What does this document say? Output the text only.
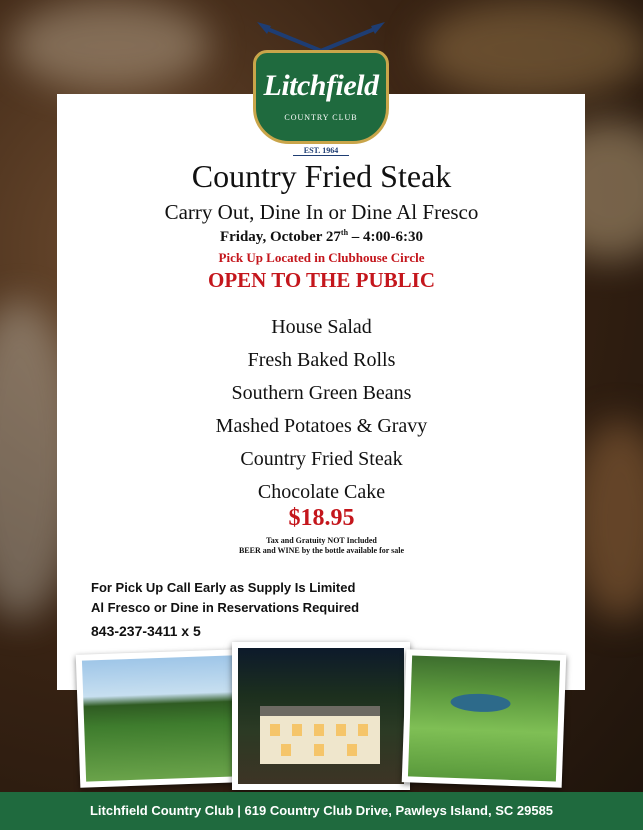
Litchfield
COUNTRY CLUB
EST. 1964
Country Fried Steak
Carry Out, Dine In or Dine Al Fresco
Friday, October 27th – 4:00-6:30
Pick Up Located in Clubhouse Circle
OPEN TO THE PUBLIC
House Salad
Fresh Baked Rolls
Southern Green Beans
Mashed Potatoes & Gravy
Country Fried Steak
Chocolate Cake
$18.95
Tax and Gratuity NOT Included
BEER and WINE by the bottle available for sale
For Pick Up Call Early as Supply Is Limited
Al Fresco or Dine in Reservations Required
843-237-3411 x 5
Litchfield Country Club | 619 Country Club Drive, Pawleys Island, SC 29585
